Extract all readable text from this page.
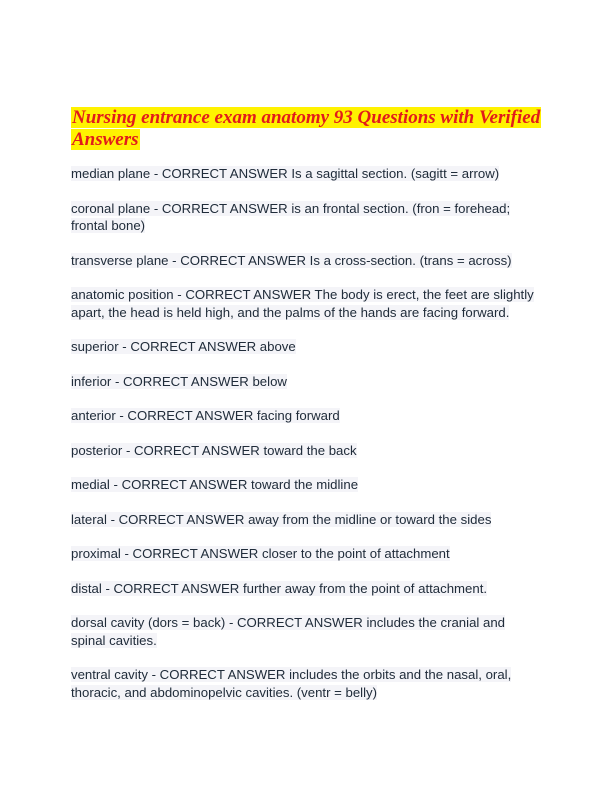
Nursing entrance exam anatomy 93 Questions with Verified Answers
median plane - CORRECT ANSWER Is a sagittal section. (sagitt = arrow)
coronal plane - CORRECT ANSWER is an frontal section. (fron = forehead; frontal bone)
transverse plane - CORRECT ANSWER Is a cross-section. (trans = across)
anatomic position - CORRECT ANSWER The body is erect, the feet are slightly apart, the head is held high, and the palms of the hands are facing forward.
superior - CORRECT ANSWER above
inferior - CORRECT ANSWER below
anterior - CORRECT ANSWER facing forward
posterior - CORRECT ANSWER toward the back
medial - CORRECT ANSWER toward the midline
lateral - CORRECT ANSWER away from the midline or toward the sides
proximal - CORRECT ANSWER closer to the point of attachment
distal - CORRECT ANSWER further away from the point of attachment.
dorsal cavity (dors = back) - CORRECT ANSWER includes the cranial and spinal cavities.
ventral cavity - CORRECT ANSWER includes the orbits and the nasal, oral, thoracic, and abdominopelvic cavities. (ventr = belly)
